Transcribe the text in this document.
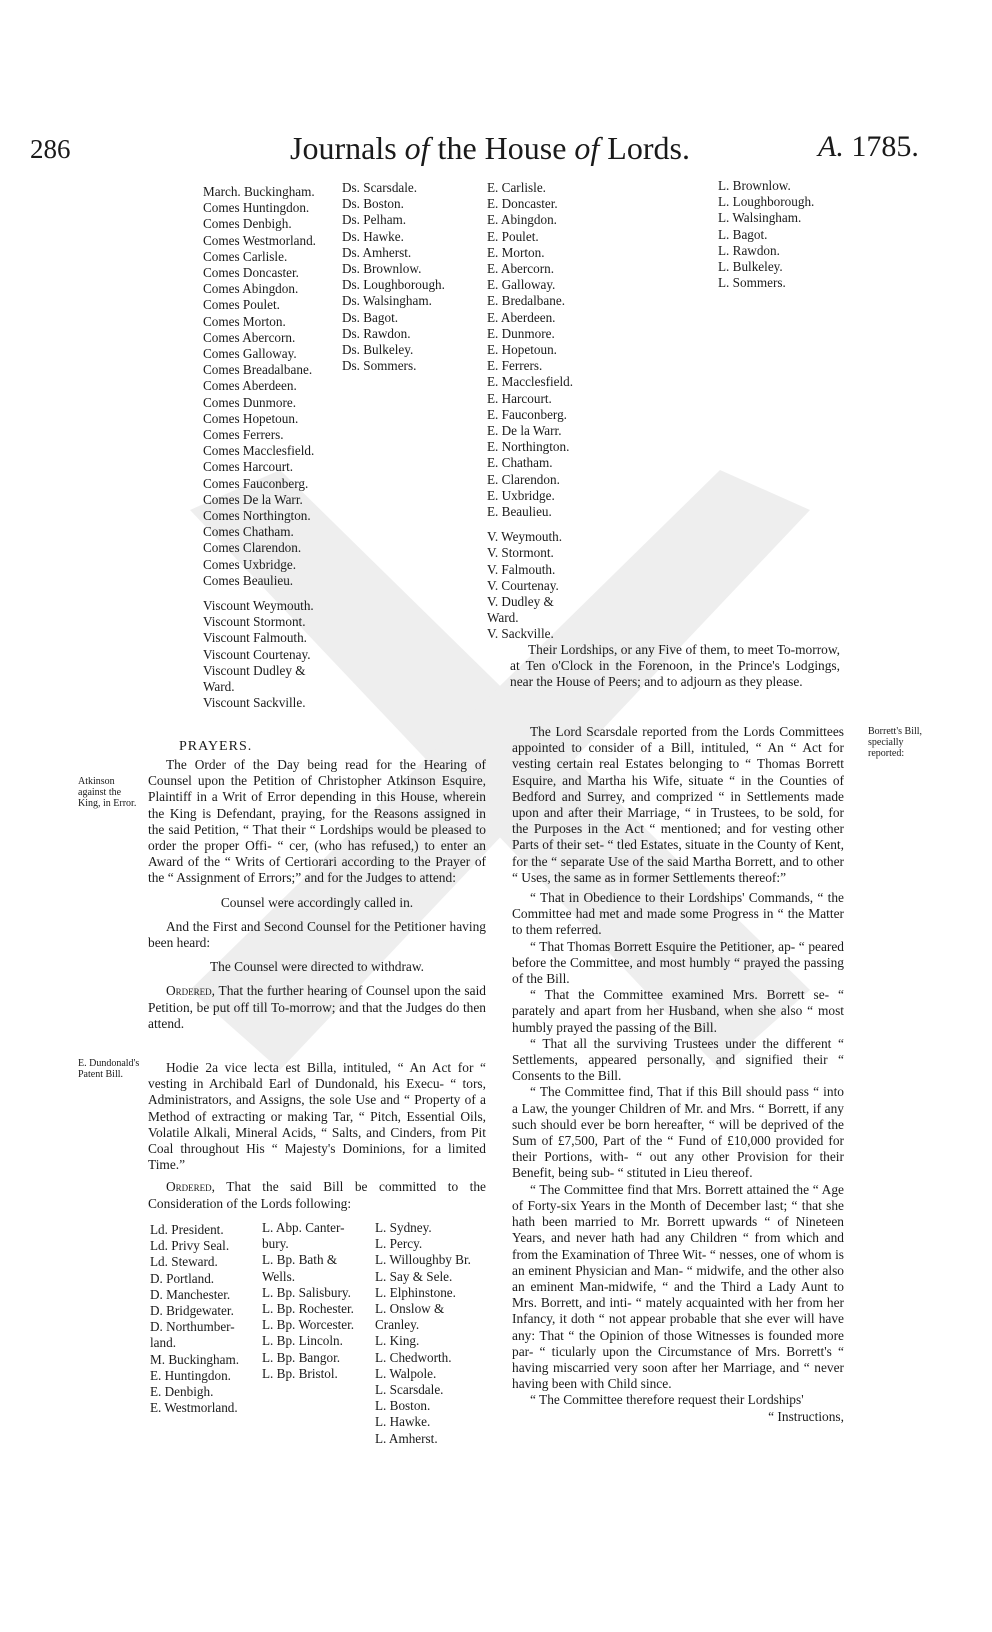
286	Journals of the House of Lords.	A. 1785.
March. Buckingham.
Comes Huntingdon.
Comes Denbigh.
Comes Westmorland.
Comes Carlisle.
Comes Doncaster.
Comes Abingdon.
Comes Poulet.
Comes Morton.
Comes Abercorn.
Comes Galloway.
Comes Breadalbane.
Comes Aberdeen.
Comes Dunmore.
Comes Hopetoun.
Comes Ferrers.
Comes Macclesfield.
Comes Harcourt.
Comes Fauconberg.
Comes De la Warr.
Comes Northington.
Comes Chatham.
Comes Clarendon.
Comes Uxbridge.
Comes Beaulieu.
Viscount Weymouth.
Viscount Stormont.
Viscount Falmouth.
Viscount Courtenay.
Viscount Dudley &
Ward.
Viscount Sackville.
Ds. Scarsdale.
Ds. Boston.
Ds. Pelham.
Ds. Hawke.
Ds. Amherst.
Ds. Brownlow.
Ds. Loughborough.
Ds. Walsingham.
Ds. Bagot.
Ds. Rawdon.
Ds. Bulkeley.
Ds. Sommers.
E. Carlisle.
E. Doncaster.
E. Abingdon.
E. Poulet.
E. Morton.
E. Abercorn.
E. Galloway.
E. Bredalbane.
E. Aberdeen.
E. Dunmore.
E. Hopetoun.
E. Ferrers.
E. Macclesfield.
E. Harcourt.
E. Fauconberg.
E. De la Warr.
E. Northington.
E. Chatham.
E. Clarendon.
E. Uxbridge.
E. Beaulieu.
V. Weymouth.
V. Stormont.
V. Falmouth.
V. Courtenay.
V. Dudley &
Ward.
V. Sackville.
L. Brownlow.
L. Loughborough.
L. Walsingham.
L. Bagot.
L. Rawdon.
L. Bulkeley.
L. Sommers.

Their Lordships, or any Five of them, to meet To-morrow, at Ten o'Clock in the Forenoon, in the Prince's Lodgings, near the House of Peers; and to adjourn as they please.

PRAYERS.
Atkinson against the King, in Error.
E. Dundonald's Patent Bill.
Borrett's Bill, specially reported:

The Order of the Day being read for the Hearing of Counsel upon the Petition of Christopher Atkinson Esquire, Plaintiff in a Writ of Error depending in this House, wherein the King is Defendant, praying, for the Reasons assigned in the said Petition, “ That their “ Lordships would be pleased to order the proper Offi- “ cer, (who has refused,) to enter an Award of the “ Writs of Certiorari according to the Prayer of the “ Assignment of Errors;” and for the Judges to attend:

Counsel were accordingly called in.

And the First and Second Counsel for the Petitioner having been heard:

The Counsel were directed to withdraw.

Ordered, That the further hearing of Counsel upon the said Petition, be put off till To-morrow; and that the Judges do then attend.

Hodie 2a vice lecta est Billa, intituled, “ An Act for “ vesting in Archibald Earl of Dundonald, his Execu- “ tors, Administrators, and Assigns, the sole Use and “ Property of a Method of extracting or making Tar, “ Pitch, Essential Oils, Volatile Alkali, Mineral Acids, “ Salts, and Cinders, from Pit Coal throughout His “ Majesty's Dominions, for a limited Time.”

Ordered, That the said Bill be committed to the Consideration of the Lords following:

Ld. President.
Ld. Privy Seal.
Ld. Steward.
D. Portland.
D. Manchester.
D. Bridgewater.
D. Northumber-
land.
M. Buckingham.
E. Huntingdon.
E. Denbigh.
E. Westmorland.
L. Abp. Canter-
bury.
L. Bp. Bath &
Wells.
L. Bp. Salisbury.
L. Bp. Rochester.
L. Bp. Worcester.
L. Bp. Lincoln.
L. Bp. Bangor.
L. Bp. Bristol.
L. Sydney.
L. Percy.
L. Willoughby Br.
L. Say & Sele.
L. Elphinstone.
L. Onslow &
Cranley.
L. King.
L. Chedworth.
L. Walpole.
L. Scarsdale.
L. Boston.
L. Hawke.
L. Amherst.

The Lord Scarsdale reported from the Lords Committees appointed to consider of a Bill, intituled, “ An “ Act for vesting certain real Estates belonging to “ Thomas Borrett Esquire, and Martha his Wife, situate “ in the Counties of Bedford and Surrey, and comprized “ in Settlements made upon and after their Marriage, “ in Trustees, to be sold, for the Purposes in the Act “ mentioned; and for vesting other Parts of their set- “ tled Estates, situate in the County of Kent, for the “ separate Use of the said Martha Borrett, and to other “ Uses, the same as in former Settlements thereof:”

“ That in Obedience to their Lordships' Commands, “ the Committee had met and made some Progress in “ the Matter to them referred.

“ That Thomas Borrett Esquire the Petitioner, ap- “ peared before the Committee, and most humbly “ prayed the passing of the Bill.

“ That the Committee examined Mrs. Borrett se- “ parately and apart from her Husband, when she also “ most humbly prayed the passing of the Bill.

“ That all the surviving Trustees under the different “ Settlements, appeared personally, and signified their “ Consents to the Bill.

“ The Committee find, That if this Bill should pass “ into a Law, the younger Children of Mr. and Mrs. “ Borrett, if any such should ever be born hereafter, “ will be deprived of the Sum of £7,500, Part of the “ Fund of £10,000 provided for their Portions, with- “ out any other Provision for their Benefit, being sub- “ stituted in Lieu thereof.

“ The Committee find that Mrs. Borrett attained the “ Age of Forty-six Years in the Month of December last; “ that she hath been married to Mr. Borrett upwards “ of Nineteen Years, and never hath had any Children “ from which and from the Examination of Three Wit- “ nesses, one of whom is an eminent Physician and Man- “ midwife, and the other also an eminent Man-midwife, “ and the Third a Lady Aunt to Mrs. Borrett, and inti- “ mately acquainted with her from her Infancy, it doth “ not appear probable that she ever will have any: That “ the Opinion of those Witnesses is founded more par- “ ticularly upon the Circumstance of Mrs. Borrett's “ having miscarried very soon after her Marriage, and “ never having been with Child since.

“ The Committee therefore request their Lordships'

“ Instructions,
